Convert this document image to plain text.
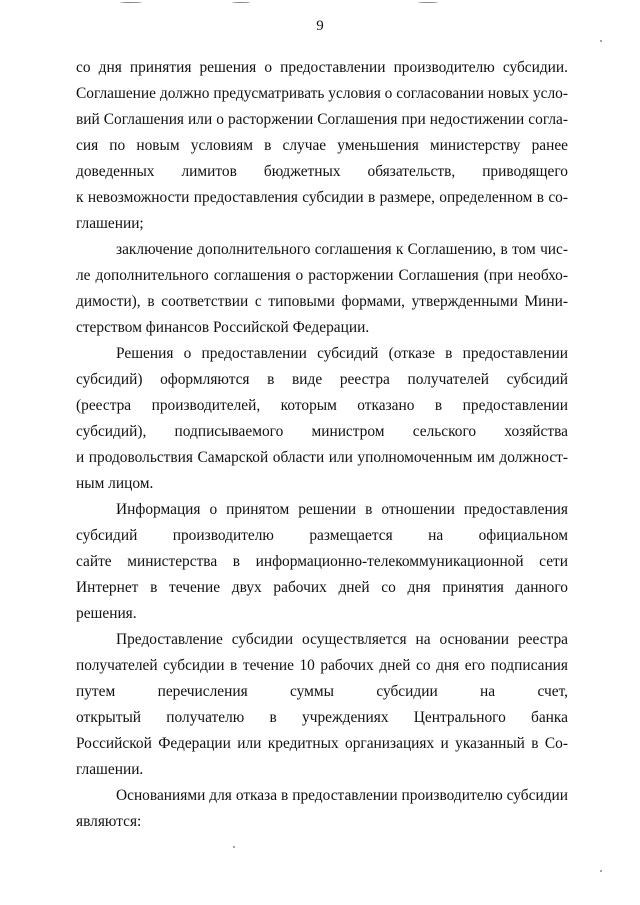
9
со дня принятия решения о предоставлении производителю субсидии.
Соглашение должно предусматривать условия о согласовании новых усло-
вий Соглашения или о расторжении Соглашения при недостижении согла-
сия по новым условиям в случае уменьшения министерству ранее
доведенных лимитов бюджетных обязательств, приводящего
к невозможности предоставления субсидии в размере, определенном в со-
глашении;
заключение дополнительного соглашения к Соглашению, в том чис-
ле дополнительного соглашения о расторжении Соглашения (при необхо-
димости), в соответствии с типовыми формами, утвержденными Мини-
стерством финансов Российской Федерации.
Решения о предоставлении субсидий (отказе в предоставлении
субсидий) оформляются в виде реестра получателей субсидий
(реестра производителей, которым отказано в предоставлении
субсидий), подписываемого министром сельского хозяйства
и продовольствия Самарской области или уполномоченным им должност-
ным лицом.
Информация о принятом решении в отношении предоставления
субсидий производителю размещается на официальном
сайте министерства в информационно-телекоммуникационной сети
Интернет в течение двух рабочих дней со дня принятия данного
решения.
Предоставление субсидии осуществляется на основании реестра
получателей субсидии в течение 10 рабочих дней со дня его подписания
путем перечисления суммы субсидии на счет,
открытый получателю в учреждениях Центрального банка
Российской Федерации или кредитных организациях и указанный в Со-
глашении.
Основаниями для отказа в предоставлении производителю субсидии
являются:
